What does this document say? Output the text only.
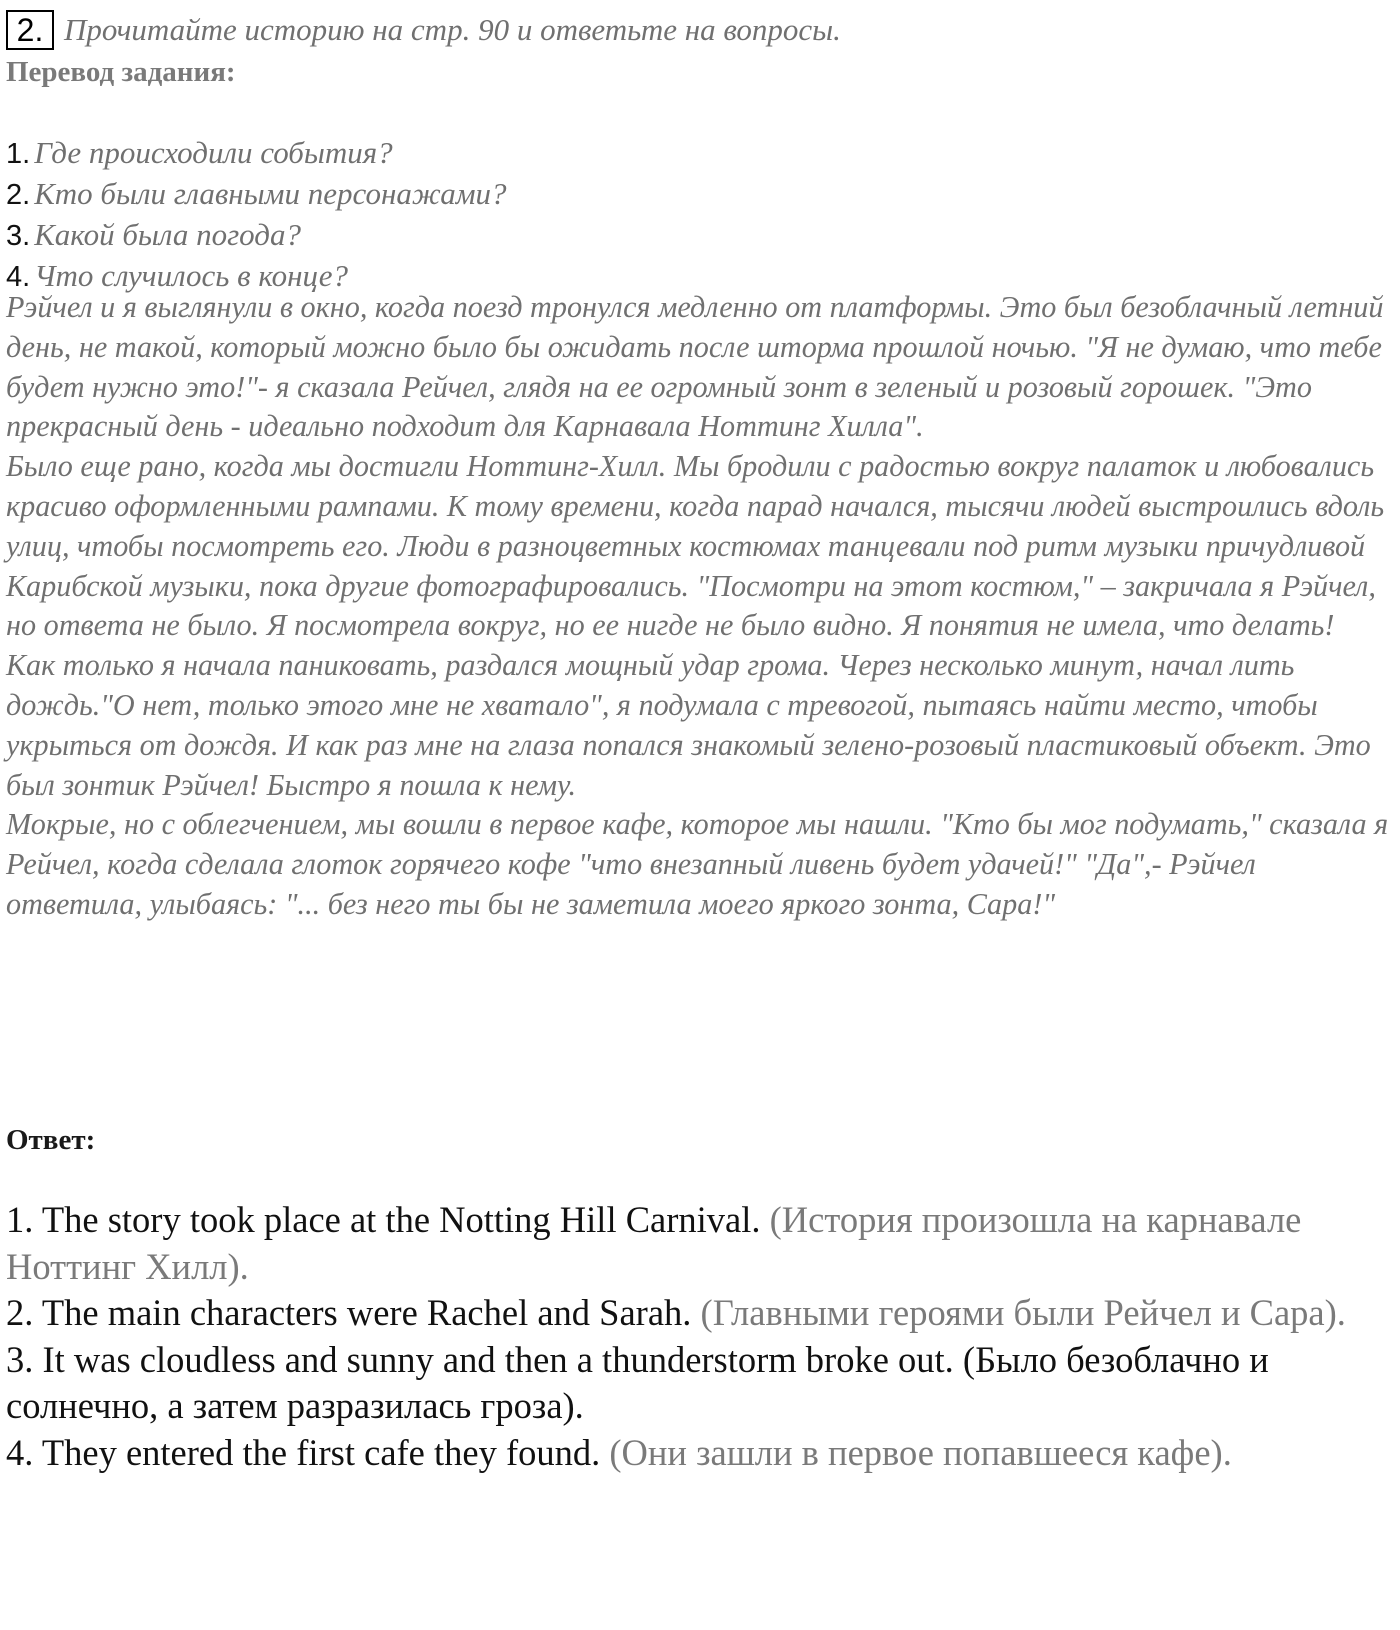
2. Прочитайте историю на стр. 90 и ответьте на вопросы.
Перевод задания:
1. Где происходили события?
2. Кто были главными персонажами?
3. Какой была погода?
4. Что случилось в конце?

Рэйчел и я выглянули в окно, когда поезд тронулся медленно от платформы. Это был безоблачный летний день, не такой, который можно было бы ожидать после шторма прошлой ночью. "Я не думаю, что тебе будет нужно это!"- я сказала Рейчел, глядя на ее огромный зонт в зеленый и розовый горошек. "Это прекрасный день - идеально подходит для Карнавала Ноттинг Хилла".

Было еще рано, когда мы достигли Ноттинг-Хилл. Мы бродили с радостью вокруг палаток и любовались красиво оформленными рампами. К тому времени, когда парад начался, тысячи людей выстроились вдоль улиц, чтобы посмотреть его. Люди в разноцветных костюмах танцевали под ритм музыки причудливой Карибской музыки, пока другие фотографировались. "Посмотри на этот костюм," – закричала я Рэйчел, но ответа не было. Я посмотрела вокруг, но ее нигде не было видно. Я понятия не имела, что делать!

Как только я начала паниковать, раздался мощный удар грома. Через несколько минут, начал лить дождь."О нет, только этого мне не хватало", я подумала с тревогой, пытаясь найти место, чтобы укрыться от дождя. И как раз мне на глаза попался знакомый зелено-розовый пластиковый объект. Это был зонтик Рэйчел! Быстро я пошла к нему.

Мокрые, но с облегчением, мы вошли в первое кафе, которое мы нашли. "Кто бы мог подумать," сказала я Рейчел, когда сделала глоток горячего кофе "что внезапный ливень будет удачей!" "Да",- Рэйчел ответила, улыбаясь: "... без него ты бы не заметила моего яркого зонта, Сара!"

Ответ:
1. The story took place at the Notting Hill Carnival. (История произошла на карнавале Ноттинг Хилл).
2. The main characters were Rachel and Sarah. (Главными героями были Рейчел и Сара).
3. It was cloudless and sunny and then a thunderstorm broke out. (Было безоблачно и солнечно, а затем разразилась гроза).
4. They entered the first cafe they found. (Они зашли в первое попавшееся кафе).
